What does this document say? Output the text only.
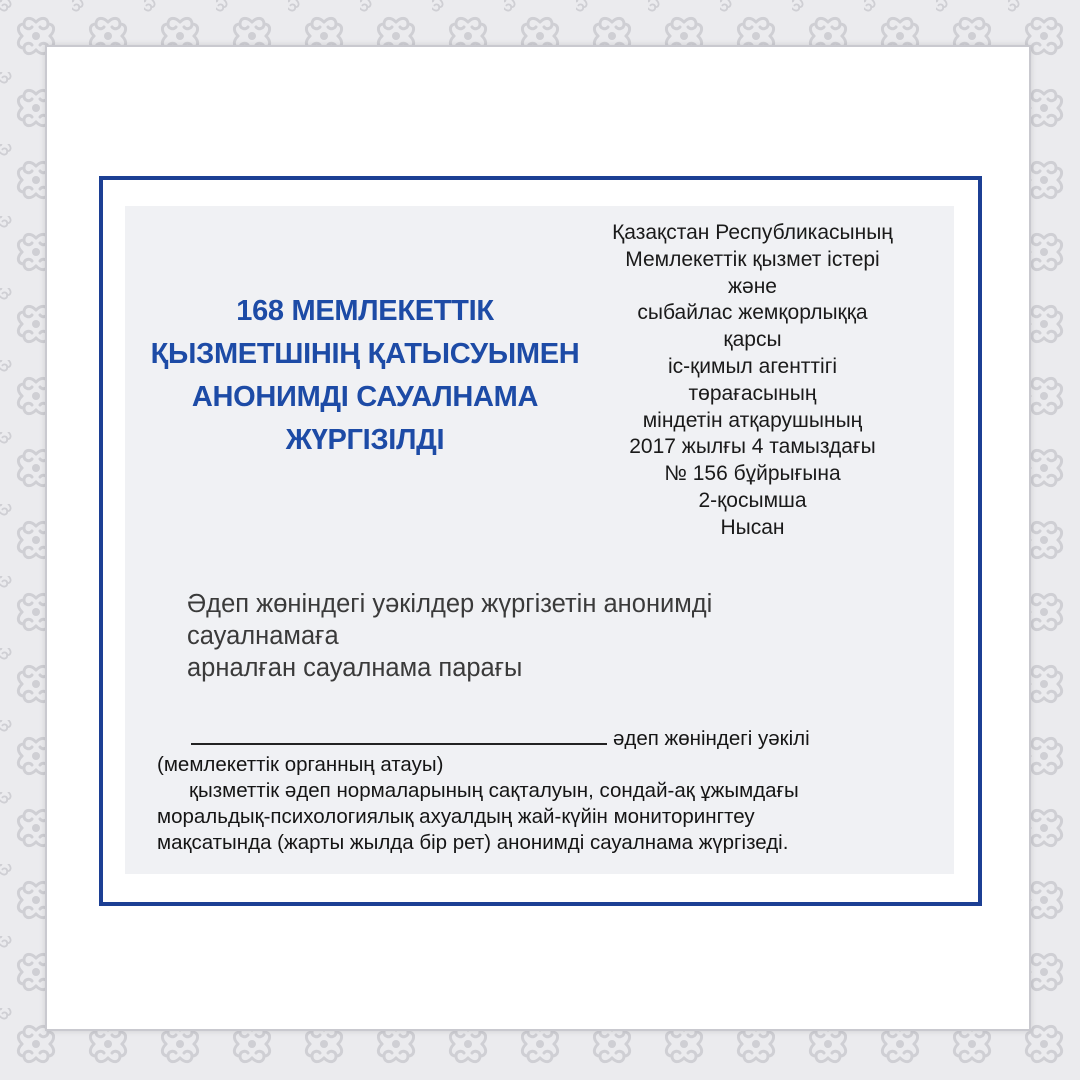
168 МЕМЛЕКЕТТІК
ҚЫЗМЕТШІНІҢ ҚАТЫСУЫМЕН
АНОНИМДІ САУАЛНАМА
ЖҮРГІЗІЛДІ
Қазақстан Республикасының
Мемлекеттік қызмет істері
және
сыбайлас жемқорлыққа
қарсы
іс-қимыл агенттігі
төрағасының
міндетін атқарушының
2017 жылғы 4 тамыздағы
№ 156 бұйрығына
2-қосымша
Нысан
Әдеп жөніндегі уәкілдер жүргізетін анонимді
сауалнамаға
арналған сауалнама парағы
әдеп жөніндегі уәкілі
(мемлекеттік органның атауы)
қызметтік әдеп нормаларының сақталуын, сондай-ақ ұжымдағы
моральдық-психологиялық ахуалдың жай-күйін мониторингтеу
мақсатында (жарты жылда бір рет) анонимді сауалнама жүргізеді.
